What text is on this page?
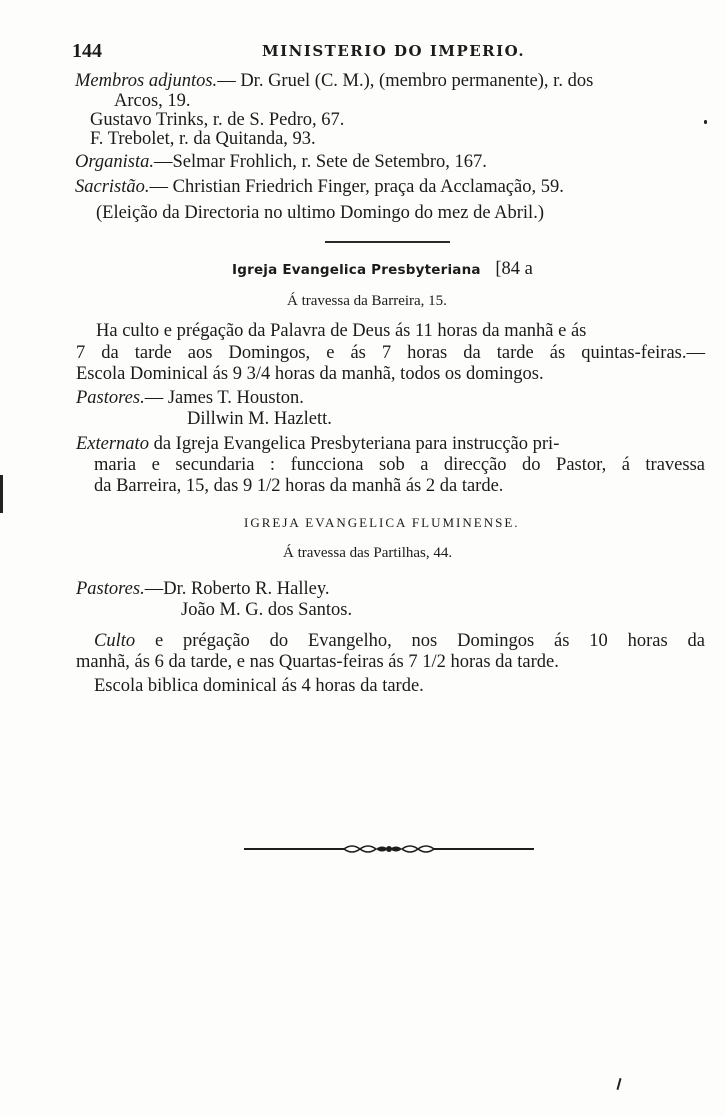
144	MINISTERIO DO IMPERIO.
Membros adjuntos.— Dr. Gruel (C. M.), (membro permanente), r. dos
Arcos, 19.
Gustavo Trinks, r. de S. Pedro, 67.
F. Trebolet, r. da Quitanda, 93.
Organista.—Selmar Frohlich, r. Sete de Setembro, 167.
Sacristão.— Christian Friedrich Finger, praça da Acclamação, 59.
(Eleição da Directoria no ultimo Domingo do mez de Abril.)
Igreja Evangelica Presbyteriana [84 a
Á travessa da Barreira, 15.
Ha culto e prégação da Palavra de Deus ás 11 horas da manhã e ás
7 da tarde aos Domingos, e ás 7 horas da tarde ás quintas-feiras.—
Escola Dominical ás 9 3/4 horas da manhã, todos os domingos.
Pastores.— James T. Houston.
Dillwin M. Hazlett.
Externato da Igreja Evangelica Presbyteriana para instrucção pri-
maria e secundaria : funcciona sob a direcção do Pastor, á travessa
da Barreira, 15, das 9 1/2 horas da manhã ás 2 da tarde.
IGREJA EVANGELICA FLUMINENSE.
Á travessa das Partilhas, 44.
Pastores.—Dr. Roberto R. Halley.
João M. G. dos Santos.
Culto e prégação do Evangelho, nos Domingos ás 10 horas da
manhã, ás 6 da tarde, e nas Quartas-feiras ás 7 1/2 horas da tarde.
Escola biblica dominical ás 4 horas da tarde.
